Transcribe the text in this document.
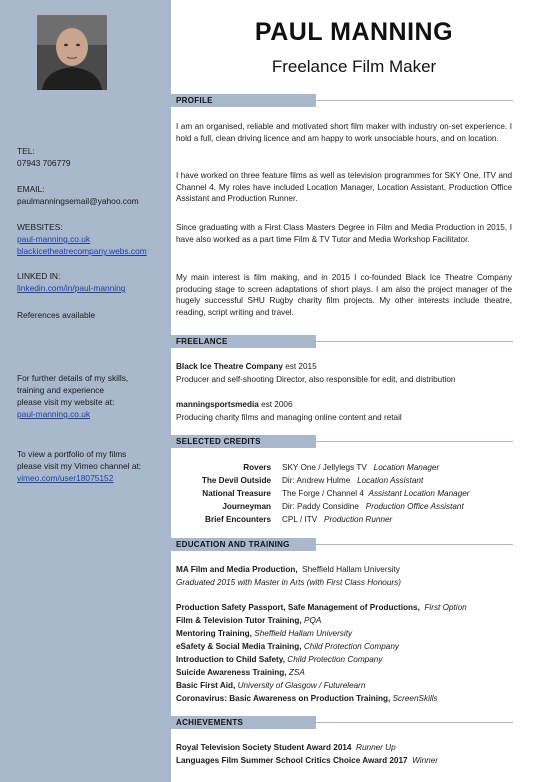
TEL:
07943 706779
EMAIL:
paulmanningsemail@yahoo.com
WEBSITES:
paul-manning.co.uk
blackicetheatrecompany.webs.com
LINKED IN:
linkedin.com/in/paul-manning
References available
For further details of my skills,
training and experience
please visit my website at:
paul-manning.co.uk
To view a portfolio of my films
please visit my Vimeo channel at:
vimeo.com/user18075152
PAUL MANNING
Freelance Film Maker
PROFILE
I am an organised, reliable and motivated short film maker with industry on-set experience. I hold a full, clean driving licence and am happy to work unsociable hours, and on location.
I have worked on three feature films as well as television programmes for SKY One, ITV and Channel 4. My roles have included Location Manager, Location Assistant, Production Office Assistant and Production Runner.
Since graduating with a First Class Masters Degree in Film and Media Production in 2015, I have also worked as a part time Film & TV Tutor and Media Workshop Facilitator.
My main interest is film making, and in 2015 I co-founded Black Ice Theatre Company producing stage to screen adaptations of short plays. I am also the project manager of the hugely successful SHU Rugby charity film projects. My other interests include theatre, reading, script writing and travel.
FREELANCE
Black Ice Theatre Company est 2015
Producer and self-shooting Director, also responsible for edit, and distribution
manningsportsmedia est 2006
Producing charity films and managing online content and retail
SELECTED CREDITS
Rovers SKY One / Jellylegs TV Location Manager
The Devil Outside Dir: Andrew Hulme Location Assistant
National Treasure The Forge / Channel 4 Assistant Location Manager
Journeyman Dir: Paddy Considine Production Office Assistant
Brief Encounters CPL / ITV Production Runner
EDUCATION AND TRAINING
MA Film and Media Production, Sheffield Hallam University
Graduated 2015 with Master in Arts (with First Class Honours)
Production Safety Passport, Safe Management of Productions, First Option
Film & Television Tutor Training, PQA
Mentoring Training, Sheffield Hallam University
eSafety & Social Media Training, Child Protection Company
Introduction to Child Safety, Child Protection Company
Suicide Awareness Training, ZSA
Basic First Aid, University of Glasgow / Futurelearn
Coronavirus: Basic Awareness on Production Training, ScreenSkills
ACHIEVEMENTS
Royal Television Society Student Award 2014 Runner Up
Languages Film Summer School Critics Choice Award 2017 Winner
